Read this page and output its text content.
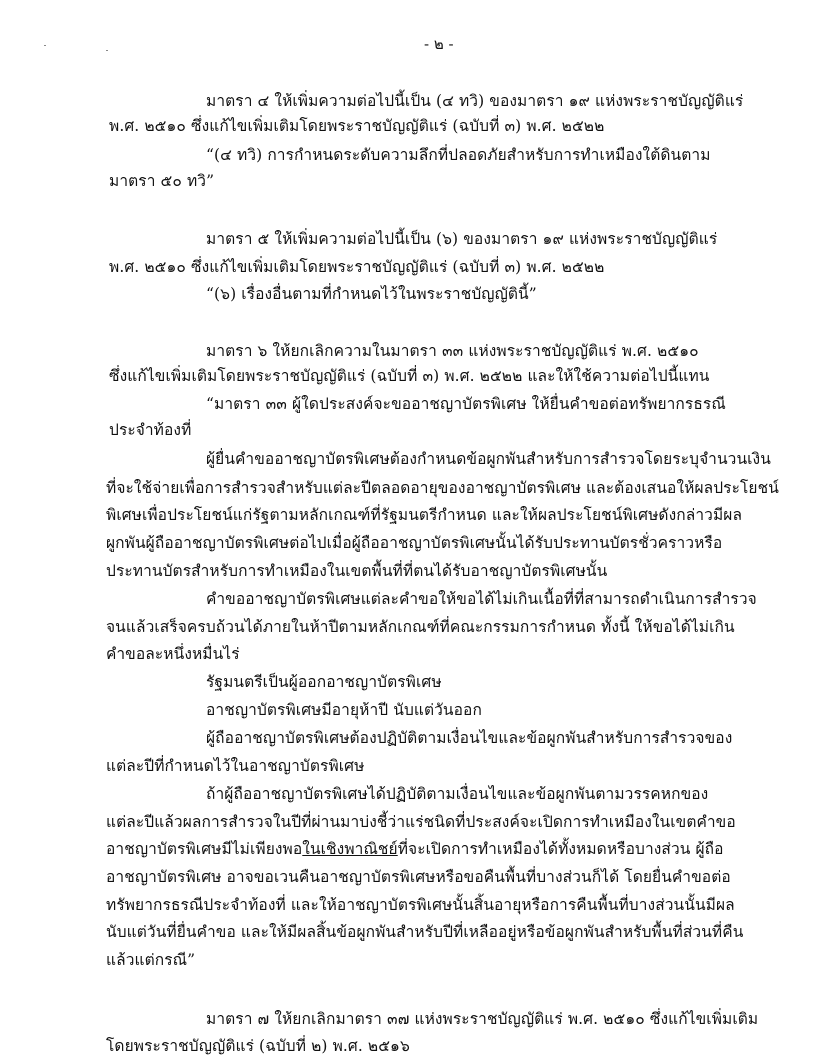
- ๒ -
มาตรา ๔ ให้เพิ่มความต่อไปนี้เป็น (๔ ทวิ) ของมาตรา ๑๙ แห่งพระราชบัญญัติแร่
พ.ศ. ๒๕๑๐ ซึ่งแก้ไขเพิ่มเติมโดยพระราชบัญญัติแร่ (ฉบับที่ ๓) พ.ศ. ๒๕๒๒
“(๔ ทวิ) การกำหนดระดับความลึกที่ปลอดภัยสำหรับการทำเหมืองใต้ดินตาม
มาตรา ๕๐ ทวิ”
มาตรา ๕ ให้เพิ่มความต่อไปนี้เป็น (๖) ของมาตรา ๑๙ แห่งพระราชบัญญัติแร่
พ.ศ. ๒๕๑๐ ซึ่งแก้ไขเพิ่มเติมโดยพระราชบัญญัติแร่ (ฉบับที่ ๓) พ.ศ. ๒๕๒๒
“(๖) เรื่องอื่นตามที่กำหนดไว้ในพระราชบัญญัตินี้”
มาตรา ๖ ให้ยกเลิกความในมาตรา ๓๓ แห่งพระราชบัญญัติแร่ พ.ศ. ๒๕๑๐
ซึ่งแก้ไขเพิ่มเติมโดยพระราชบัญญัติแร่ (ฉบับที่ ๓) พ.ศ. ๒๕๒๒ และให้ใช้ความต่อไปนี้แทน
“มาตรา ๓๓ ผู้ใดประสงค์จะขออาชญาบัตรพิเศษ ให้ยื่นคำขอต่อทรัพยากรธรณี
ประจำท้องที่
ผู้ยื่นคำขออาชญาบัตรพิเศษต้องกำหนดข้อผูกพันสำหรับการสำรวจโดยระบุจำนวนเงิน
ที่จะใช้จ่ายเพื่อการสำรวจสำหรับแต่ละปีตลอดอายุของอาชญาบัตรพิเศษ และต้องเสนอให้ผลประโยชน์
พิเศษเพื่อประโยชน์แก่รัฐตามหลักเกณฑ์ที่รัฐมนตรีกำหนด และให้ผลประโยชน์พิเศษดังกล่าวมีผล
ผูกพันผู้ถืออาชญาบัตรพิเศษต่อไปเมื่อผู้ถืออาชญาบัตรพิเศษนั้นได้รับประทานบัตรชั่วคราวหรือ
ประทานบัตรสำหรับการทำเหมืองในเขตพื้นที่ที่ตนได้รับอาชญาบัตรพิเศษนั้น
คำขออาชญาบัตรพิเศษแต่ละคำขอให้ขอได้ไม่เกินเนื้อที่ที่สามารถดำเนินการสำรวจ
จนแล้วเสร็จครบถ้วนได้ภายในห้าปีตามหลักเกณฑ์ที่คณะกรรมการกำหนด ทั้งนี้ ให้ขอได้ไม่เกิน
คำขอละหนึ่งหมื่นไร่
รัฐมนตรีเป็นผู้ออกอาชญาบัตรพิเศษ
อาชญาบัตรพิเศษมีอายุห้าปี นับแต่วันออก
ผู้ถืออาชญาบัตรพิเศษต้องปฏิบัติตามเงื่อนไขและข้อผูกพันสำหรับการสำรวจของ
แต่ละปีที่กำหนดไว้ในอาชญาบัตรพิเศษ
ถ้าผู้ถืออาชญาบัตรพิเศษได้ปฏิบัติตามเงื่อนไขและข้อผูกพันตามวรรคหกของ
แต่ละปีแล้วผลการสำรวจในปีที่ผ่านมาบ่งชี้ว่าแร่ชนิดที่ประสงค์จะเปิดการทำเหมืองในเขตคำขอ
อาชญาบัตรพิเศษมีไม่เพียงพอในเชิงพาณิชย์ที่จะเปิดการทำเหมืองได้ทั้งหมดหรือบางส่วน ผู้ถือ
อาชญาบัตรพิเศษ อาจขอเวนคืนอาชญาบัตรพิเศษหรือขอคืนพื้นที่บางส่วนก็ได้ โดยยื่นคำขอต่อ
ทรัพยากรธรณีประจำท้องที่ และให้อาชญาบัตรพิเศษนั้นสิ้นอายุหรือการคืนพื้นที่บางส่วนนั้นมีผล
นับแต่วันที่ยื่นคำขอ และให้มีผลสิ้นข้อผูกพันสำหรับปีที่เหลืออยู่หรือข้อผูกพันสำหรับพื้นที่ส่วนที่คืน
แล้วแต่กรณี”
มาตรา ๗ ให้ยกเลิกมาตรา ๓๗ แห่งพระราชบัญญัติแร่ พ.ศ. ๒๕๑๐ ซึ่งแก้ไขเพิ่มเติม
โดยพระราชบัญญัติแร่ (ฉบับที่ ๒) พ.ศ. ๒๕๑๖
